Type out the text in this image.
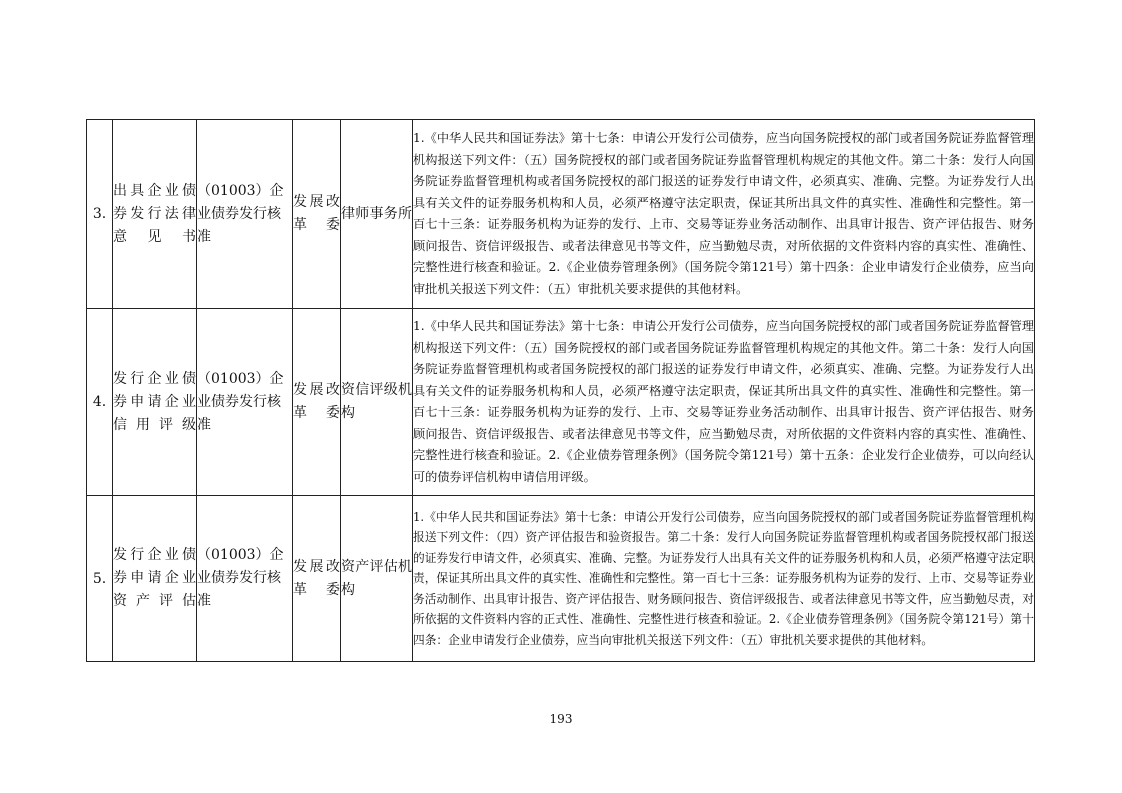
3.	出具企业债券发行法律意见书	（01003）企业债券发行核准	发展改革委	律师事务所	1.《中华人民共和国证券法》第十七条：申请公开发行公司债券，应当向国务院授权的部门或者国务院证券监督管理机构报送下列文件：（五）国务院授权的部门或者国务院证券监督管理机构规定的其他文件。第二十条：发行人向国务院证券监督管理机构或者国务院授权的部门报送的证券发行申请文件，必须真实、准确、完整。为证券发行人出具有关文件的证券服务机构和人员，必须严格遵守法定职责，保证其所出具文件的真实性、准确性和完整性。第一百七十三条：证券服务机构为证券的发行、上市、交易等证券业务活动制作、出具审计报告、资产评估报告、财务顾问报告、资信评级报告、或者法律意见书等文件，应当勤勉尽责，对所依据的文件资料内容的真实性、准确性、完整性进行核查和验证。2.《企业债券管理条例》（国务院令第121号）第十四条：企业申请发行企业债券，应当向审批机关报送下列文件：（五）审批机关要求提供的其他材料。
4.	发行企业债券申请企业信用评级	（01003）企业债券发行核准	发展改革委	资信评级机构	1.《中华人民共和国证券法》第十七条：申请公开发行公司债券，应当向国务院授权的部门或者国务院证券监督管理机构报送下列文件：（五）国务院授权的部门或者国务院证券监督管理机构规定的其他文件。第二十条：发行人向国务院证券监督管理机构或者国务院授权的部门报送的证券发行申请文件，必须真实、准确、完整。为证券发行人出具有关文件的证券服务机构和人员，必须严格遵守法定职责，保证其所出具文件的真实性、准确性和完整性。第一百七十三条：证券服务机构为证券的发行、上市、交易等证券业务活动制作、出具审计报告、资产评估报告、财务顾问报告、资信评级报告、或者法律意见书等文件，应当勤勉尽责，对所依据的文件资料内容的真实性、准确性、完整性进行核查和验证。2.《企业债券管理条例》（国务院令第121号）第十五条：企业发行企业债券，可以向经认可的债券评信机构申请信用评级。
5.	发行企业债券申请企业资产评估	（01003）企业债券发行核准	发展改革委	资产评估机构	1.《中华人民共和国证券法》第十七条：申请公开发行公司债券，应当向国务院授权的部门或者国务院证券监督管理机构报送下列文件：（四）资产评估报告和验资报告。第二十条：发行人向国务院证券监督管理机构或者国务院授权部门报送的证券发行申请文件，必须真实、准确、完整。为证券发行人出具有关文件的证券服务机构和人员，必须严格遵守法定职责，保证其所出具文件的真实性、准确性和完整性。第一百七十三条：证券服务机构为证券的发行、上市、交易等证券业务活动制作、出具审计报告、资产评估报告、财务顾问报告、资信评级报告、或者法律意见书等文件，应当勤勉尽责，对所依据的文件资料内容的正式性、准确性、完整性进行核查和验证。2.《企业债券管理条例》（国务院令第121号）第十四条：企业申请发行企业债券，应当向审批机关报送下列文件：（五）审批机关要求提供的其他材料。
193
